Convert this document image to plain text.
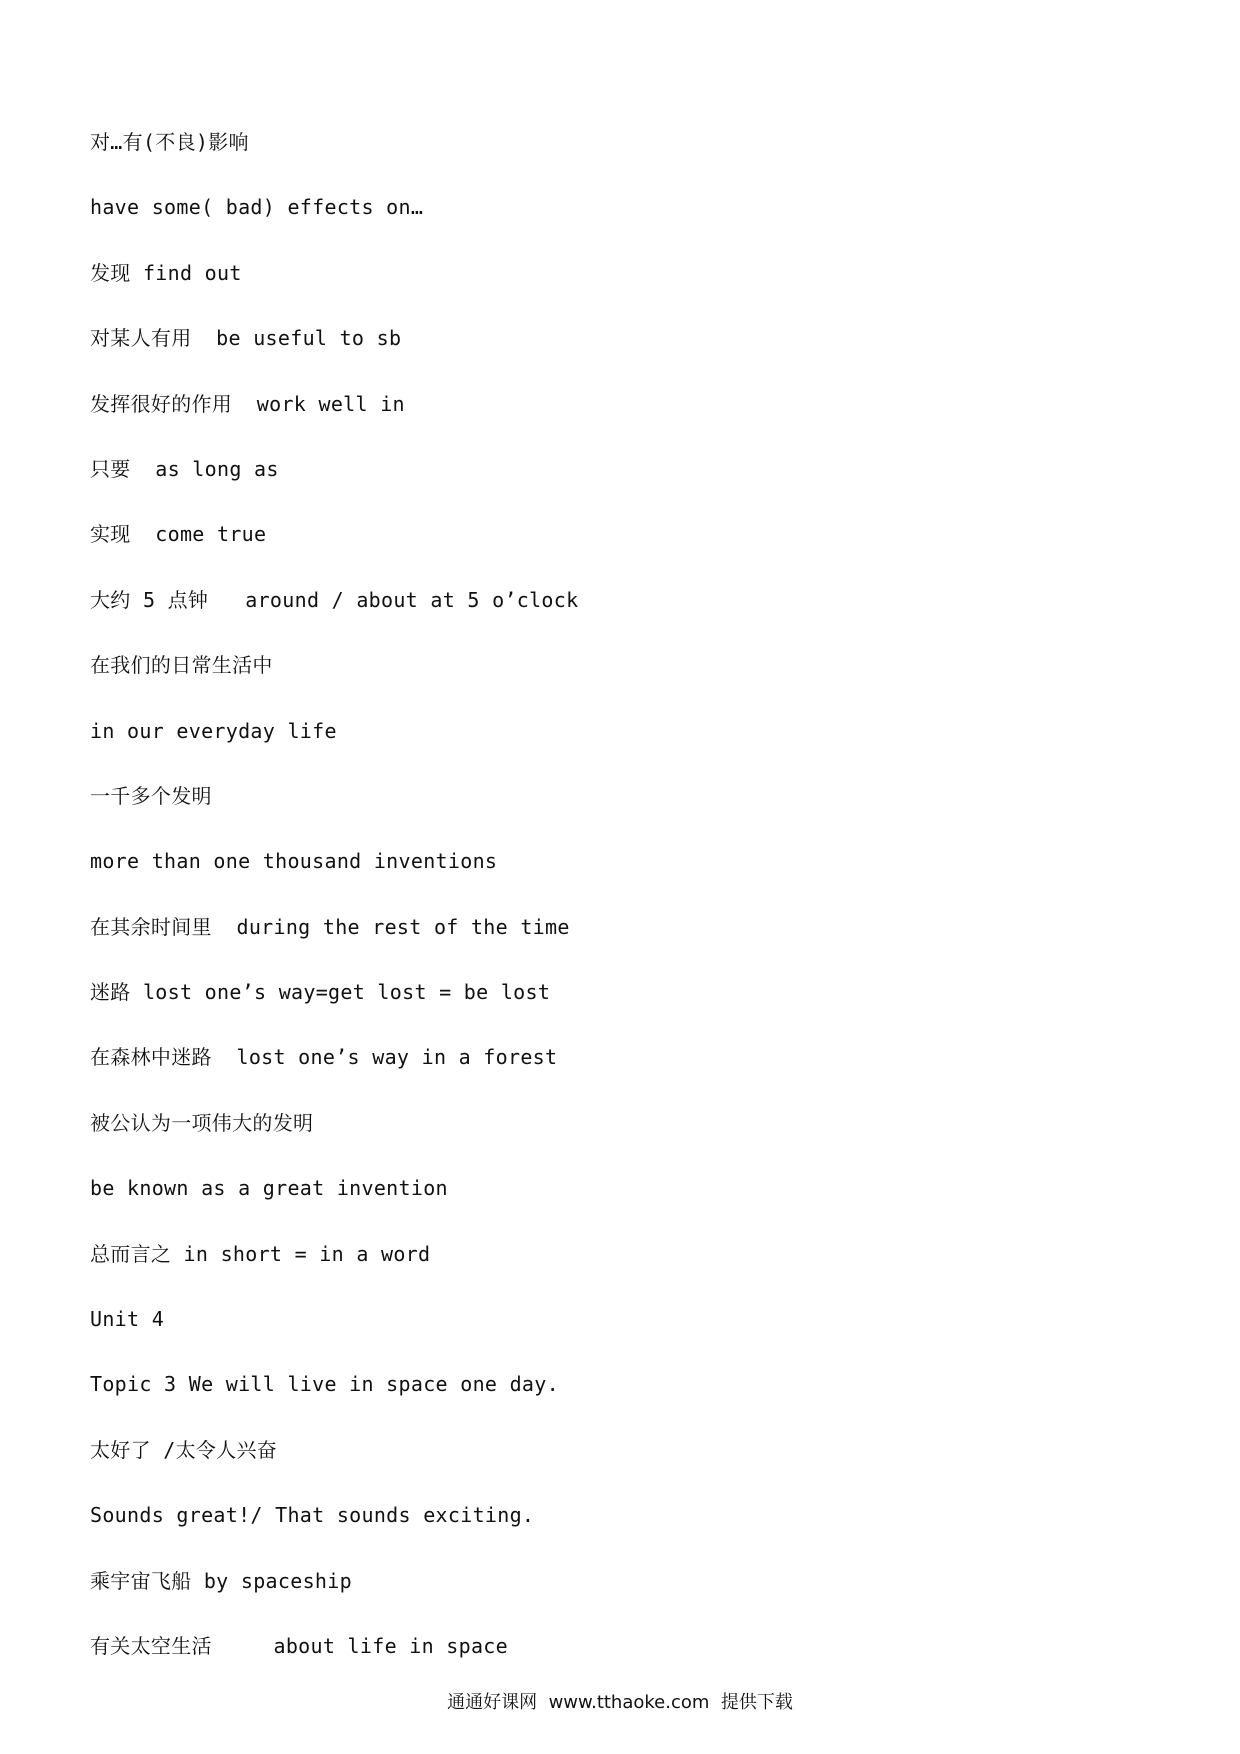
对…有(不良)影响
have some( bad) effects on…
发现 find out
对某人有用  be useful to sb
发挥很好的作用  work well in
只要  as long as
实现  come true
大约 5 点钟   around / about at 5 o’clock
在我们的日常生活中
in our everyday life
一千多个发明
more than one thousand inventions
在其余时间里  during the rest of the time
迷路 lost one’s way=get lost = be lost
在森林中迷路  lost one’s way in a forest
被公认为一项伟大的发明
be known as a great invention
总而言之 in short = in a word
Unit 4
Topic 3 We will live in space one day.
太好了 /太令人兴奋
Sounds great!/ That sounds exciting.
乘宇宙飞船 by spaceship
有关太空生活     about life in space
通通好课网  www.tthaoke.com  提供下载
